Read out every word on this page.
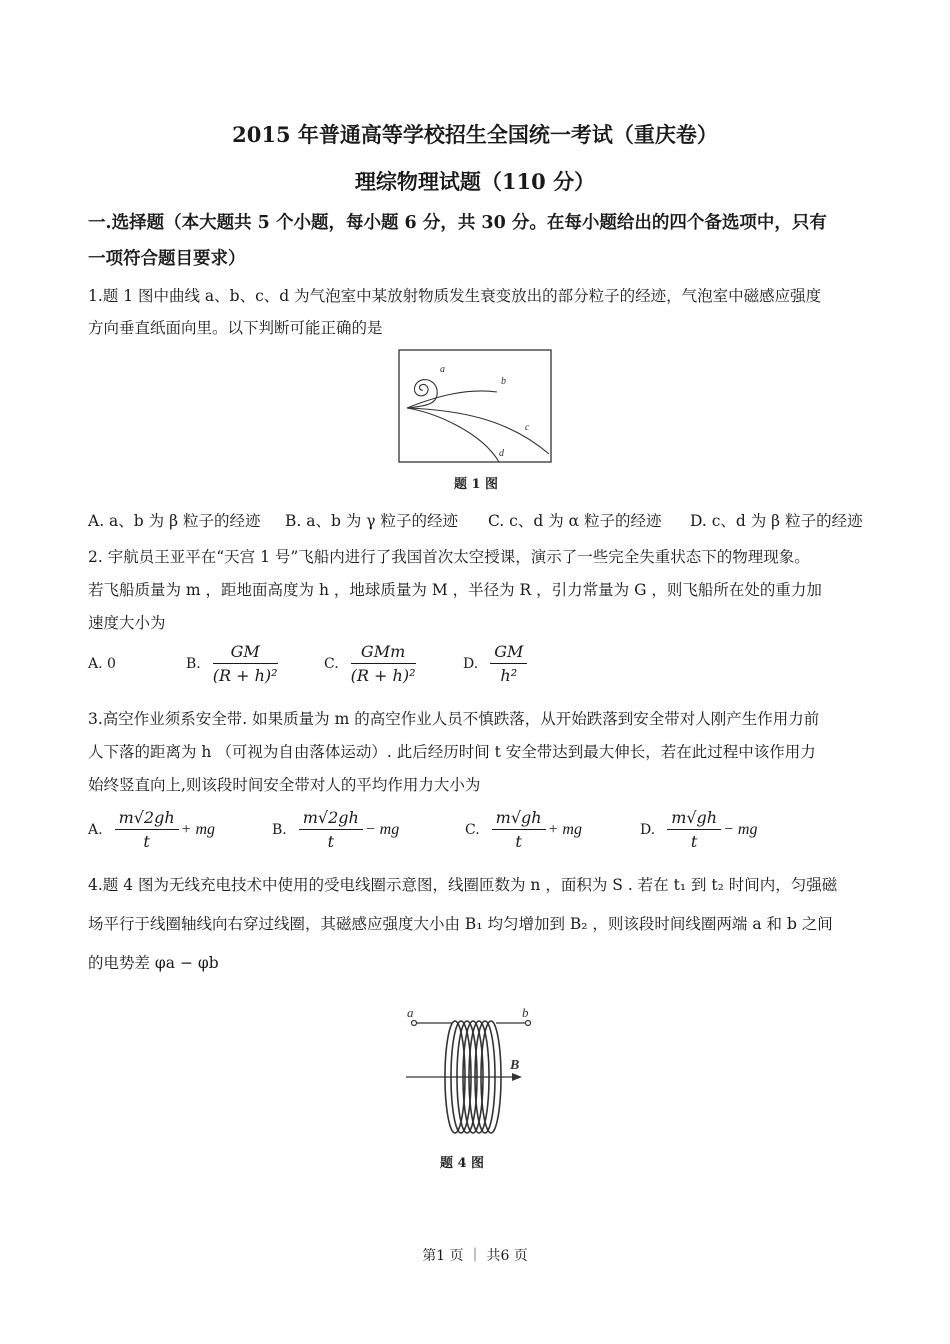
2015 年普通高等学校招生全国统一考试（重庆卷）
理综物理试题（110 分）
一.选择题（本大题共 5 个小题，每小题 6 分，共 30 分。在每小题给出的四个备选项中，只有
一项符合题目要求）
1.题 1 图中曲线 a、b、c、d 为气泡室中某放射物质发生衰变放出的部分粒子的经迹，气泡室中磁感应强度
方向垂直纸面向里。以下判断可能正确的是
a
b
c
d
题 1 图
A. a、b 为 β 粒子的经迹 B. a、b 为 γ 粒子的经迹 C. c、d 为 α 粒子的经迹 D. c、d 为 β 粒子的经迹
2. 宇航员王亚平在“天宫 1 号”飞船内进行了我国首次太空授课，演示了一些完全失重状态下的物理现象。
若飞船质量为 m ，距地面高度为 h ，地球质量为 M ，半径为 R ，引力常量为 G ，则飞船所在处的重力加
速度大小为
A. 0	B. $\frac{GM}{\text{(R + h)²}}$	C. $\frac{\text{GMm}}{\text{(R + h)²}}$	D. $\frac{GM}{\text{h²}}$
3.高空作业须系安全带. 如果质量为 m 的高空作业人员不慎跌落，从开始跌落到安全带对人刚产生作用力前
人下落的距离为 h （可视为自由落体运动）. 此后经历时间 t 安全带达到最大伸长，若在此过程中该作用力
始终竖直向上,则该段时间安全带对人的平均作用力大小为
A. $\frac{m√2gh}{t}$ + mg	B. $\frac{m√2gh}{t}$ − mg	C. $\frac{m√gh}{t}$ + mg	D. $\frac{m√gh}{t}$ − mg
4.题 4 图为无线充电技术中使用的受电线圈示意图，线圈匝数为 n ，面积为 S . 若在 t₁ 到 t₂ 时间内，匀强磁
场平行于线圈轴线向右穿过线圈，其磁感应强度大小由 B₁ 均匀增加到 B₂ ，则该段时间线圈两端 a 和 b 之间
的电势差 φa − φb
a	b
B
题 4 图
第1 页 ｜ 共6 页
